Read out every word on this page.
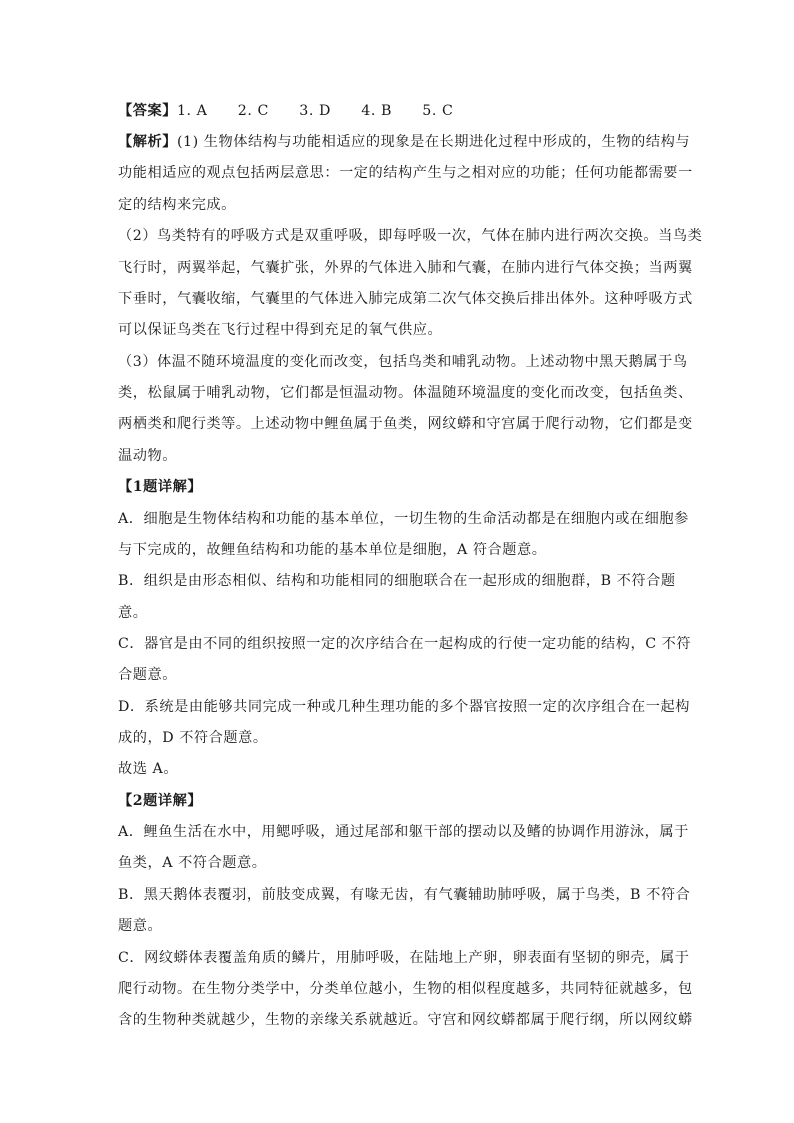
【答案】1. A      2. C      3. D      4. B      5. C
【解析】(1) 生物体结构与功能相适应的现象是在长期进化过程中形成的，生物的结构与
功能相适应的观点包括两层意思：一定的结构产生与之相对应的功能；任何功能都需要一
定的结构来完成。
（2）鸟类特有的呼吸方式是双重呼吸，即每呼吸一次，气体在肺内进行两次交换。当鸟类
飞行时，两翼举起，气囊扩张，外界的气体进入肺和气囊，在肺内进行气体交换；当两翼
下垂时，气囊收缩，气囊里的气体进入肺完成第二次气体交换后排出体外。这种呼吸方式
可以保证鸟类在飞行过程中得到充足的氧气供应。
（3）体温不随环境温度的变化而改变，包括鸟类和哺乳动物。上述动物中黑天鹅属于鸟
类，松鼠属于哺乳动物，它们都是恒温动物。体温随环境温度的变化而改变，包括鱼类、
两栖类和爬行类等。上述动物中鲤鱼属于鱼类，网纹蟒和守宫属于爬行动物，它们都是变
温动物。
【1题详解】
A．细胞是生物体结构和功能的基本单位，一切生物的生命活动都是在细胞内或在细胞参
与下完成的，故鲤鱼结构和功能的基本单位是细胞，A 符合题意。
B．组织是由形态相似、结构和功能相同的细胞联合在一起形成的细胞群，B 不符合题
意。
C．器官是由不同的组织按照一定的次序结合在一起构成的行使一定功能的结构，C 不符
合题意。
D．系统是由能够共同完成一种或几种生理功能的多个器官按照一定的次序组合在一起构
成的，D 不符合题意。
故选 A。
【2题详解】
A．鲤鱼生活在水中，用鳃呼吸，通过尾部和躯干部的摆动以及鳍的协调作用游泳，属于
鱼类，A 不符合题意。
B．黑天鹅体表覆羽，前肢变成翼，有喙无齿，有气囊辅助肺呼吸，属于鸟类，B 不符合
题意。
C．网纹蟒体表覆盖角质的鳞片，用肺呼吸，在陆地上产卵，卵表面有坚韧的卵壳，属于
爬行动物。在生物分类学中，分类单位越小，生物的相似程度越多，共同特征就越多，包
含的生物种类就越少，生物的亲缘关系就越近。守宫和网纹蟒都属于爬行纲，所以网纹蟒
